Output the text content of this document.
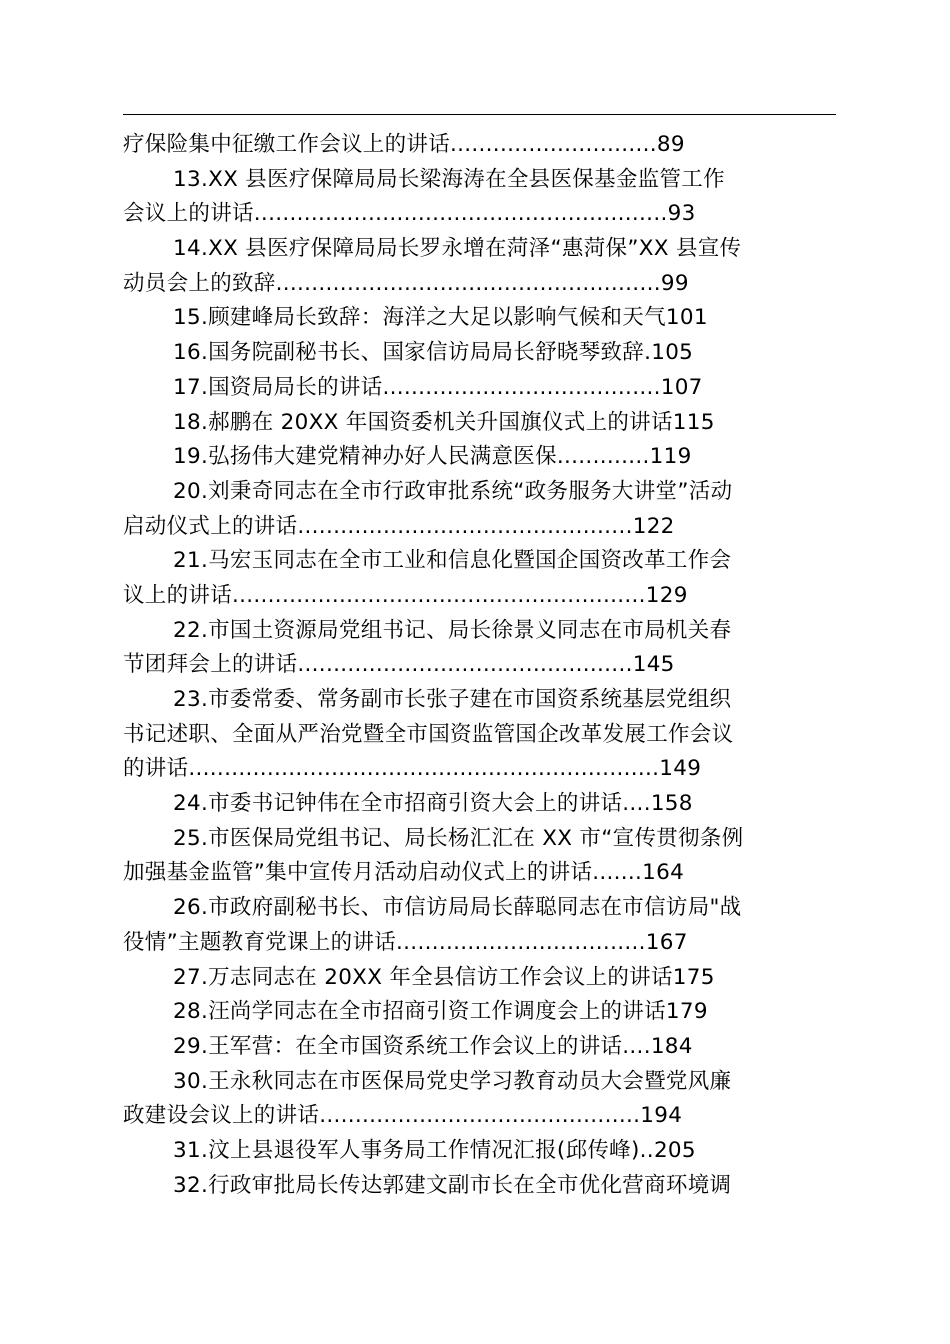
疗保险集中征缴工作会议上的讲话.............................89
13.XX 县医疗保障局局长梁海涛在全县医保基金监管工作
会议上的讲话..........................................................93
14.XX 县医疗保障局局长罗永增在菏泽“惠菏保”XX 县宣传
动员会上的致辞......................................................99
15.顾建峰局长致辞：海洋之大足以影响气候和天气101
16.国务院副秘书长、国家信访局局长舒晓琴致辞.105
17.国资局局长的讲话.......................................107
18.郝鹏在 20XX 年国资委机关升国旗仪式上的讲话115
19.弘扬伟大建党精神办好人民满意医保.............119
20.刘秉奇同志在全市行政审批系统“政务服务大讲堂”活动
启动仪式上的讲话...............................................122
21.马宏玉同志在全市工业和信息化暨国企国资改革工作会
议上的讲话..........................................................129
22.市国土资源局党组书记、局长徐景义同志在市局机关春
节团拜会上的讲话...............................................145
23.市委常委、常务副市长张子建在市国资系统基层党组织
书记述职、全面从严治党暨全市国资监管国企改革发展工作会议
的讲话..................................................................149
24.市委书记钟伟在全市招商引资大会上的讲话....158
25.市医保局党组书记、局长杨汇汇在 XX 市“宣传贯彻条例
加强基金监管”集中宣传月活动启动仪式上的讲话.......164
26.市政府副秘书长、市信访局局长薛聪同志在市信访局"战
役情”主题教育党课上的讲话...................................167
27.万志同志在 20XX 年全县信访工作会议上的讲话175
28.汪尚学同志在全市招商引资工作调度会上的讲话179
29.王军营：在全市国资系统工作会议上的讲话....184
30.王永秋同志在市医保局党史学习教育动员大会暨党风廉
政建设会议上的讲话.............................................194
31.汶上县退役军人事务局工作情况汇报(邱传峰)..205
32.行政审批局长传达郭建文副市长在全市优化营商环境调
